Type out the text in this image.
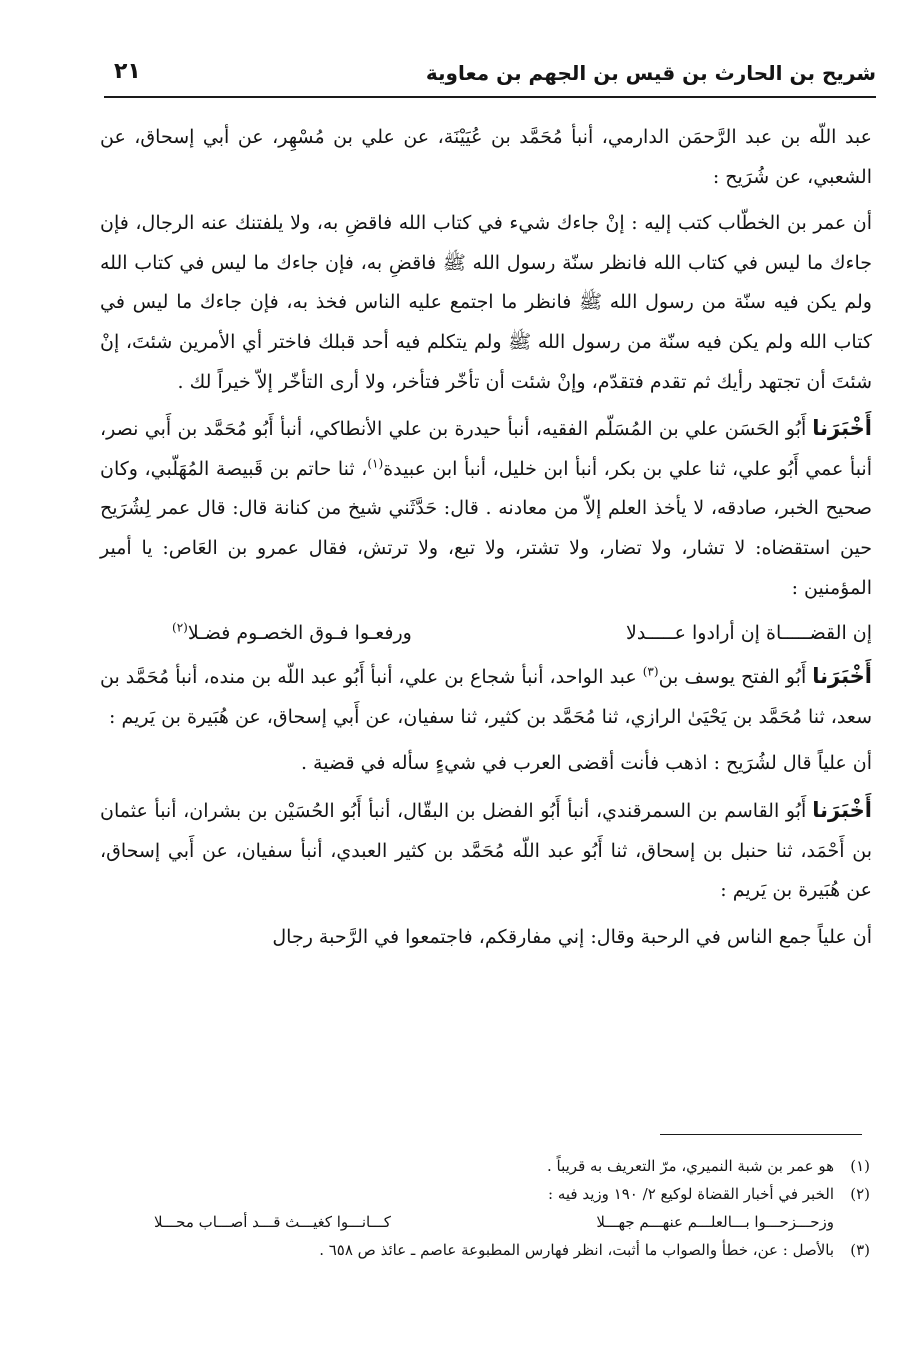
شريح بن الحارث بن قيس بن الجهم بن معاوية
٢١

عبد اللّه بن عبد الرَّحمَن الدارمي، أنبأ مُحَمَّد بن عُيَيْنَة، عن علي بن مُسْهِر، عن أبي إسحاق، عن الشعبي، عن شُرَيح :

أن عمر بن الخطّاب كتب إليه : إنْ جاءك شيء في كتاب الله فاقضِ به، ولا يلفتنك عنه الرجال، فإن جاءك ما ليس في كتاب الله فانظر سنّة رسول الله ﷺ فاقضِ به، فإن جاءك ما ليس في كتاب الله ولم يكن فيه سنّة من رسول الله ﷺ فانظر ما اجتمع عليه الناس فخذ به، فإن جاءك ما ليس في كتاب الله ولم يكن فيه سنّة من رسول الله ﷺ ولم يتكلم فيه أحد قبلك فاختر أي الأمرين شئتَ، إنْ شئتَ أن تجتهد رأيك ثم تقدم فتقدّم، وإنْ شئت أن تأخّر فتأخر، ولا أرى التأخّر إلاّ خيراً لك .

أَخْبَرَناأَبُو الحَسَن علي بن المُسَلّم الفقيه، أنبأ حيدرة بن علي الأنطاكي، أنبأ أَبُو مُحَمَّد بن أَبي نصر، أنبأ عمي أَبُو علي، ثنا علي بن بكر، أنبأ ابن خليل، أنبأ ابن عبيدة$^{(١)}$، ثنا حاتم بن قَبيصة المُهَلّبي، وكان صحيح الخبر، صادقه، لا يأخذ العلم إلاّ من معادنه . قال: حَدَّثَني شيخ من كنانة قال: قال عمر لِشُرَيح حين استقضاه: لا تشار، ولا تضار، ولا تشتر، ولا تبع، ولا ترتش، فقال عمرو بن العَاص: يا أمير المؤمنين :

إن القضـــــاة إن أرادوا عـــــدلا
ورفعـوا فـوق الخصـوم فضـلا$^{(٢)}$

أَخْبَرَناأَبُو الفتح يوسف بن$^{(٣)}$ عبد الواحد، أنبأ شجاع بن علي، أنبأ أَبُو عبد اللّه بن منده، أنبأ مُحَمَّد بن سعد، ثنا مُحَمَّد بن يَحْيَىٰ الرازي، ثنا مُحَمَّد بن كثير، ثنا سفيان، عن أَبي إسحاق، عن هُبَيرة بن يَريم :

أن علياً قال لشُرَيح : اذهب فأنت أقضى العرب في شيءٍ سأله في قضية .

أَخْبَرَناأَبُو القاسم بن السمرقندي، أنبأ أَبُو الفضل بن البقّال، أنبأ أَبُو الحُسَيْن بن بشران، أنبأ عثمان بن أَحْمَد، ثنا حنبل بن إسحاق، ثنا أَبُو عبد اللّه مُحَمَّد بن كثير العبدي، أنبأ سفيان، عن أَبي إسحاق، عن هُبَيرة بن يَريم :

أن علياً جمع الناس في الرحبة وقال: إني مفارقكم، فاجتمعوا في الرَّحبة رجال

(١)
هو عمر بن شبة النميري، مرّ التعريف به قريباً .
(٢)
الخبر في أخبار القضاة لوكيع ٢/ ١٩٠ وزيد فيه :
وزحـــزحـــوا بـــالعلـــم عنهـــم جهـــلا
كـــانـــوا كغيـــث قـــد أصـــاب محـــلا
(٣)
بالأصل : عن، خطأ والصواب ما أثبت، انظر فهارس المطبوعة عاصم ـ عائذ ص ٦٥٨ .
